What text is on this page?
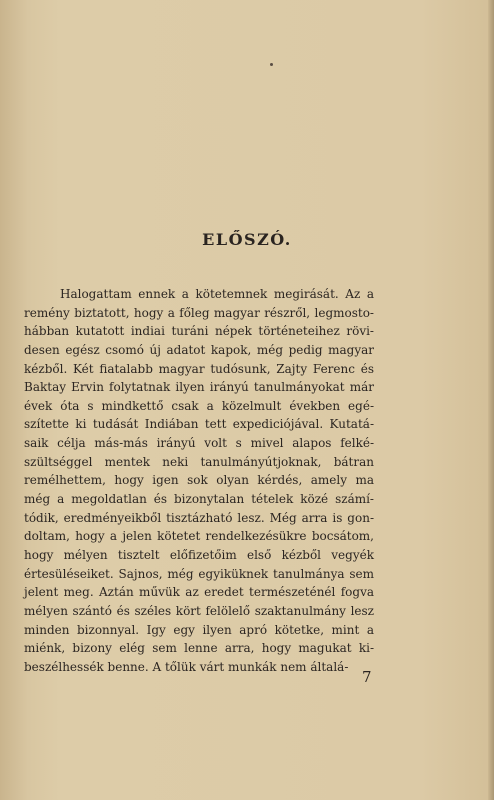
ELŐSZÓ.
Halogattam ennek a kötetemnek megirását. Az a
remény biztatott, hogy a főleg magyar részről, legmosto-
hábban kutatott indiai turáni népek történeteihez rövi-
desen egész csomó új adatot kapok, még pedig magyar
kézből. Két fiatalabb magyar tudósunk, Zajty Ferenc és
Baktay Ervin folytatnak ilyen irányú tanulmányokat már
évek óta s mindkettő csak a közelmult években egé-
szítette ki tudását Indiában tett expediciójával. Kutatá-
saik célja más-más irányú volt s mivel alapos felké-
szültséggel mentek neki tanulmányútjoknak, bátran
remélhettem, hogy igen sok olyan kérdés, amely ma
még a megoldatlan és bizonytalan tételek közé számí-
tódik, eredményeikből tisztázható lesz. Még arra is gon-
doltam, hogy a jelen kötetet rendelkezésükre bocsátom,
hogy mélyen tisztelt előfizetőim első kézből vegyék
értesüléseiket. Sajnos, még egyiküknek tanulmánya sem
jelent meg. Aztán művük az eredet természeténél fogva
mélyen szántó és széles kört felölelő szaktanulmány lesz
minden bizonnyal. Igy egy ilyen apró kötetke, mint a
miénk, bizony elég sem lenne arra, hogy magukat ki-
beszélhessék benne. A tőlük várt munkák nem általá-
7
